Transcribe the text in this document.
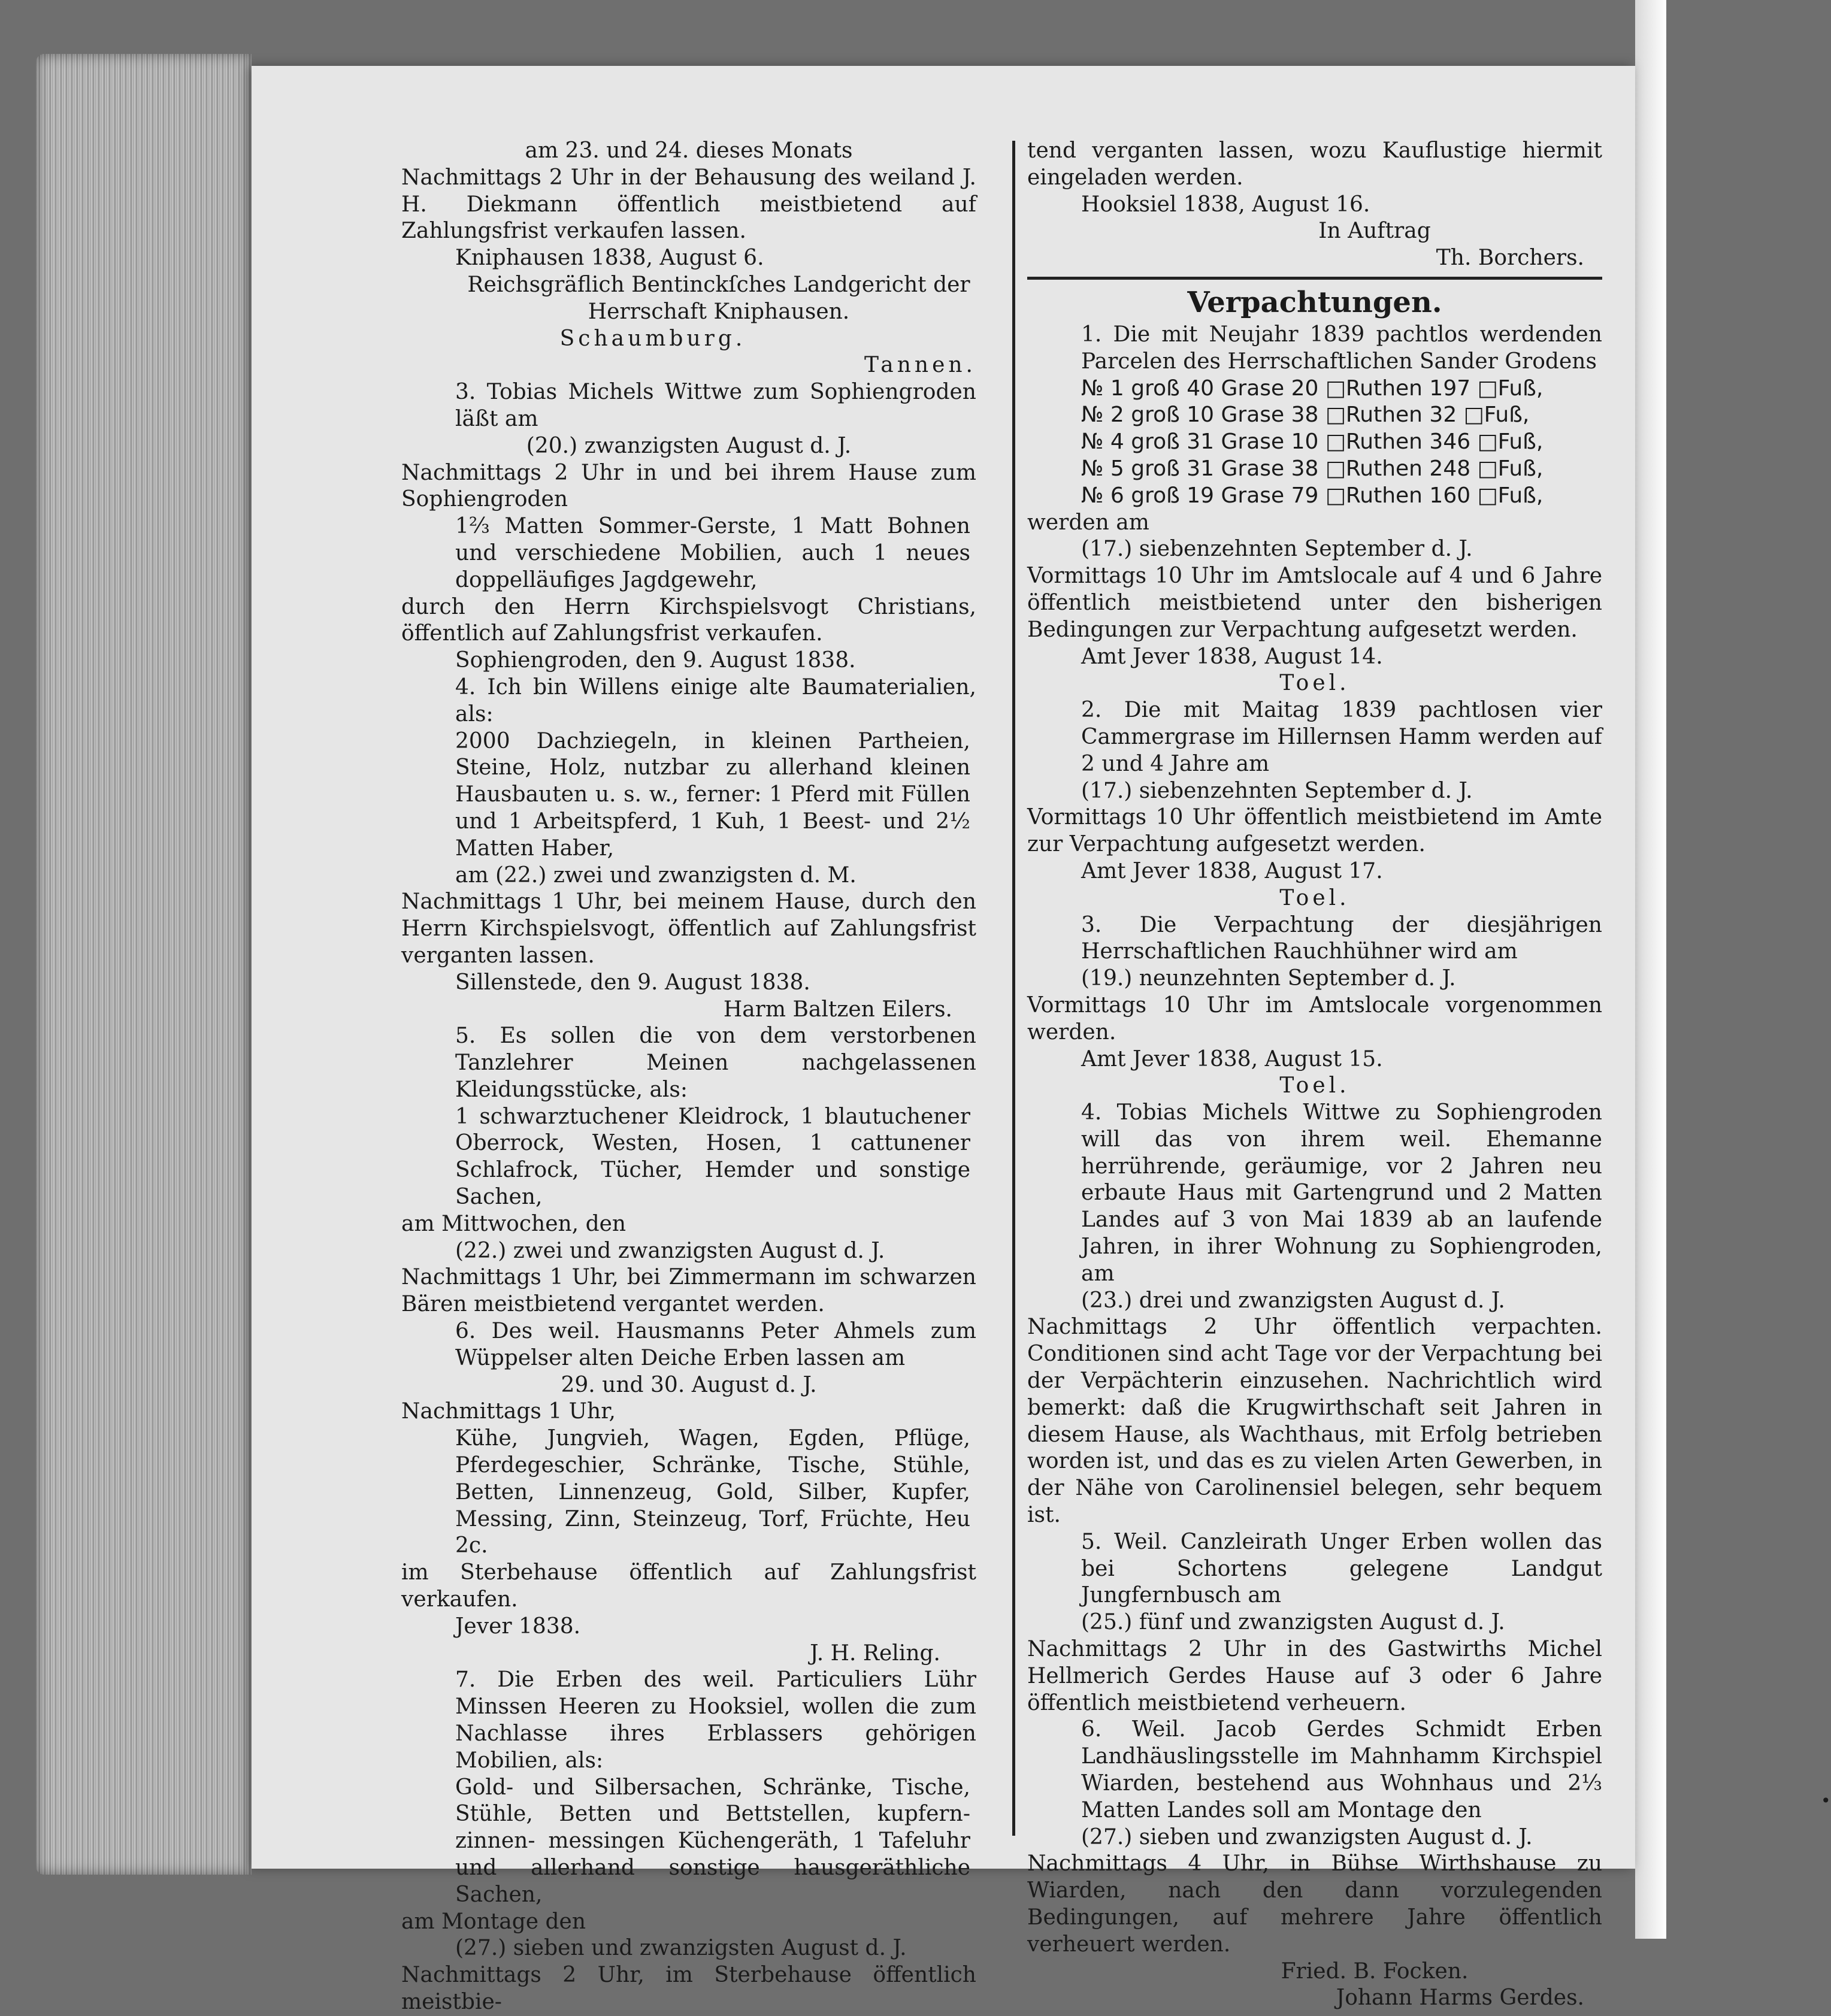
am 23. und 24. dieses Monats

Nachmittags 2 Uhr in der Behausung des weiland J. H. Diekmann öffentlich meistbietend auf Zahlungsfrist verkaufen lassen.

Kniphausen 1838, August 6.

Reichsgräflich Bentinckſches Landgericht der Herrschaft Kniphausen.

Schaumburg.

Tannen.

3. Tobias Michels Wittwe zum Sophiengroden läßt am

(20.) zwanzigsten August d. J.

Nachmittags 2 Uhr in und bei ihrem Hause zum Sophiengroden

1⅔ Matten Sommer-Gerste, 1 Matt Bohnen und verschiedene Mobilien, auch 1 neues doppelläufiges Jagdgewehr,

durch den Herrn Kirchspielsvogt Christians, öffentlich auf Zahlungsfrist verkaufen.

Sophiengroden, den 9. August 1838.

4. Ich bin Willens einige alte Baumaterialien, als:

2000 Dachziegeln, in kleinen Partheien, Steine, Holz, nutzbar zu allerhand kleinen Hausbauten u. s. w., ferner: 1 Pferd mit Füllen und 1 Arbeitspferd, 1 Kuh, 1 Beest- und 2½ Matten Haber,

am (22.) zwei und zwanzigsten d. M.

Nachmittags 1 Uhr, bei meinem Hause, durch den Herrn Kirchspielsvogt, öffentlich auf Zahlungsfrist verganten lassen.

Sillenstede, den 9. August 1838.

Harm Baltzen Eilers.

5. Es sollen die von dem verstorbenen Tanzlehrer Meinen nachgelassenen Kleidungsstücke, als:

1 schwarztuchener Kleidrock, 1 blautuchener Oberrock, Westen, Hosen, 1 cattunener Schlafrock, Tücher, Hemder und sonstige Sachen,

am Mittwochen, den

(22.) zwei und zwanzigsten August d. J.

Nachmittags 1 Uhr, bei Zimmermann im schwarzen Bären meistbietend vergantet werden.

6. Des weil. Hausmanns Peter Ahmels zum Wüppelser alten Deiche Erben lassen am

29. und 30. August d. J.

Nachmittags 1 Uhr,

Kühe, Jungvieh, Wagen, Egden, Pflüge, Pferdegeschier, Schränke, Tische, Stühle, Betten, Linnenzeug, Gold, Silber, Kupfer, Messing, Zinn, Steinzeug, Torf, Früchte, Heu 2c.

im Sterbehause öffentlich auf Zahlungsfrist verkaufen.

Jever 1838.

J. H. Reling.

7. Die Erben des weil. Particuliers Lühr Minssen Heeren zu Hooksiel, wollen die zum Nachlasse ihres Erblassers gehörigen Mobilien, als:

Gold- und Silbersachen, Schränke, Tische, Stühle, Betten und Bettstellen, kupfern- zinnen- messingen Küchengeräth, 1 Tafeluhr und allerhand sonstige hausgeräthliche Sachen,

am Montage den

(27.) sieben und zwanzigsten August d. J.

Nachmittags 2 Uhr, im Sterbehause öffentlich meistbie-

tend verganten lassen, wozu Kauflustige hiermit eingeladen werden.

Hooksiel 1838, August 16.

In Auftrag

Th. Borchers.

Verpachtungen.

1. Die mit Neujahr 1839 pachtlos werdenden Parcelen des Herrschaftlichen Sander Grodens

№ 1 groß 40 Grase 20 □Ruthen 197 □Fuß,

№ 2 groß 10 Grase 38 □Ruthen 32 □Fuß,

№ 4 groß 31 Grase 10 □Ruthen 346 □Fuß,

№ 5 groß 31 Grase 38 □Ruthen 248 □Fuß,

№ 6 groß 19 Grase 79 □Ruthen 160 □Fuß,

werden am

(17.) siebenzehnten September d. J.

Vormittags 10 Uhr im Amtslocale auf 4 und 6 Jahre öffentlich meistbietend unter den bisherigen Bedingungen zur Verpachtung aufgesetzt werden.

Amt Jever 1838, August 14.

Toel.

2. Die mit Maitag 1839 pachtlosen vier Cammergrase im Hillernsen Hamm werden auf 2 und 4 Jahre am

(17.) siebenzehnten September d. J.

Vormittags 10 Uhr öffentlich meistbietend im Amte zur Verpachtung aufgesetzt werden.

Amt Jever 1838, August 17.

Toel.

3. Die Verpachtung der diesjährigen Herrschaftlichen Rauchhühner wird am

(19.) neunzehnten September d. J.

Vormittags 10 Uhr im Amtslocale vorgenommen werden.

Amt Jever 1838, August 15.

Toel.

4. Tobias Michels Wittwe zu Sophiengroden will das von ihrem weil. Ehemanne herrührende, geräumige, vor 2 Jahren neu erbaute Haus mit Gartengrund und 2 Matten Landes auf 3 von Mai 1839 ab an laufende Jahren, in ihrer Wohnung zu Sophiengroden, am

(23.) drei und zwanzigsten August d. J.

Nachmittags 2 Uhr öffentlich verpachten. Conditionen sind acht Tage vor der Verpachtung bei der Verpächterin einzusehen. Nachrichtlich wird bemerkt: daß die Krugwirthschaft seit Jahren in diesem Hause, als Wachthaus, mit Erfolg betrieben worden ist, und das es zu vielen Arten Gewerben, in der Nähe von Carolinensiel belegen, sehr bequem ist.

5. Weil. Canzleirath Unger Erben wollen das bei Schortens gelegene Landgut Jungfernbusch am

(25.) fünf und zwanzigsten August d. J.

Nachmittags 2 Uhr in des Gastwirths Michel Hellmerich Gerdes Hause auf 3 oder 6 Jahre öffentlich meistbietend verheuern.

6. Weil. Jacob Gerdes Schmidt Erben Landhäuslingsstelle im Mahnhamm Kirchspiel Wiarden, bestehend aus Wohnhaus und 2⅓ Matten Landes soll am Montage den

(27.) sieben und zwanzigsten August d. J.

Nachmittags 4 Uhr, in Bühse Wirthshause zu Wiarden, nach den dann vorzulegenden Bedingungen, auf mehrere Jahre öffentlich verheuert werden.

Fried. B. Focken.

Johann Harms Gerdes.

•
